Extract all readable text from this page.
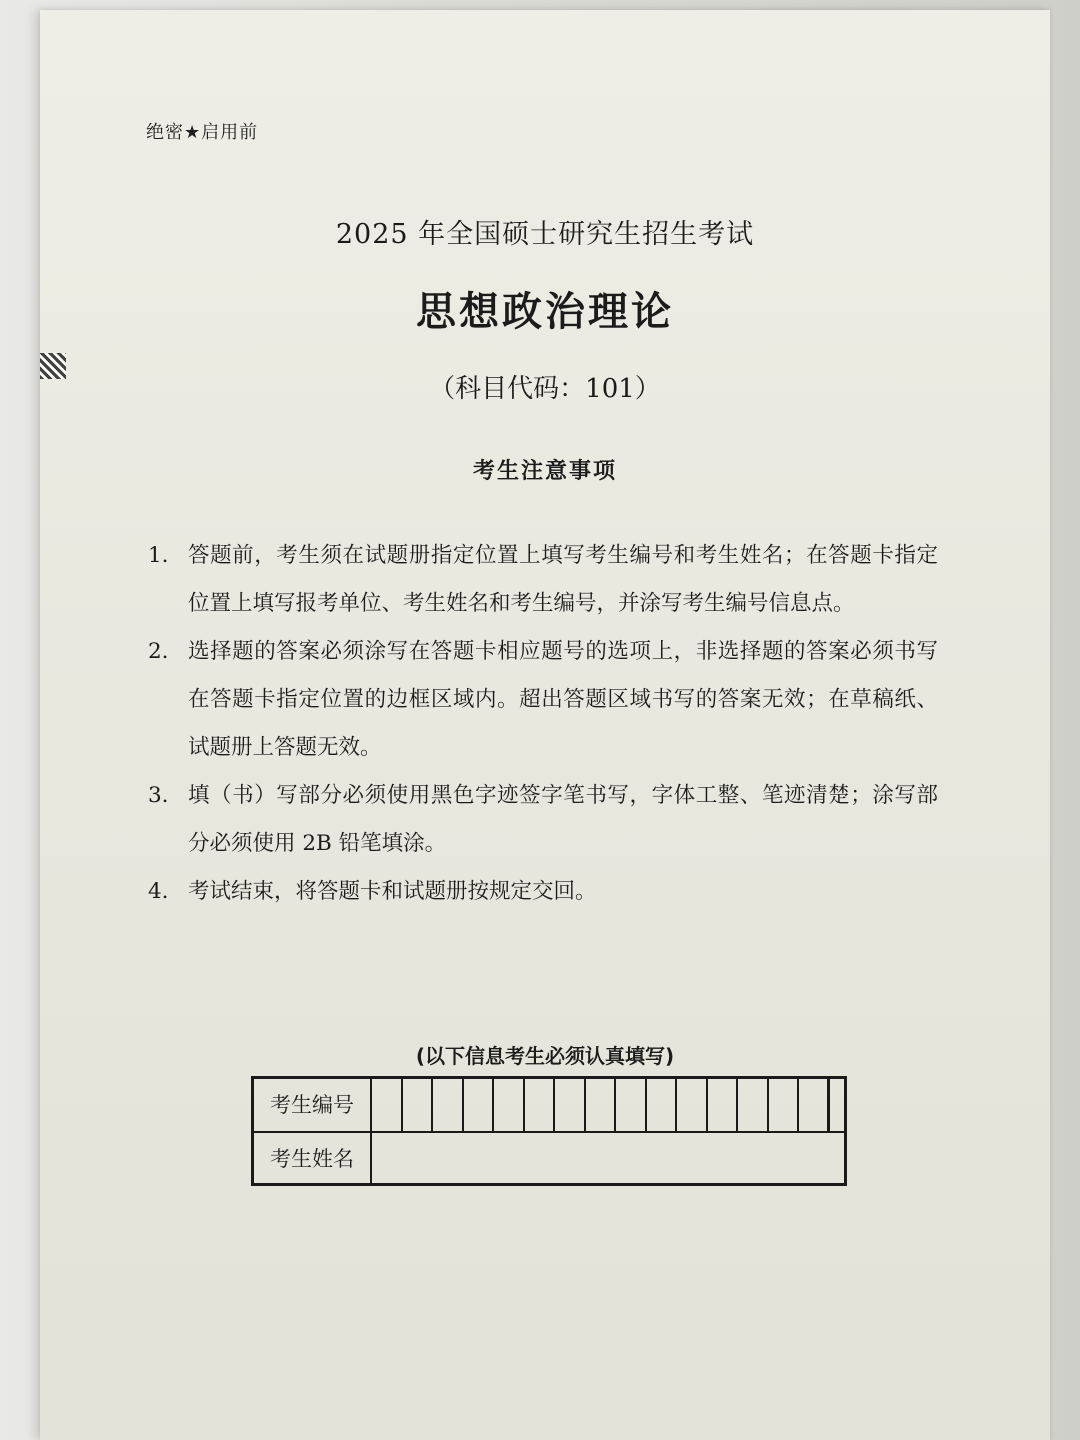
绝密★启用前
2025 年全国硕士研究生招生考试
思想政治理论
（科目代码：101）
考生注意事项
1. 答题前，考生须在试题册指定位置上填写考生编号和考生姓名；在答题卡指定位置上填写报考单位、考生姓名和考生编号，并涂写考生编号信息点。
2. 选择题的答案必须涂写在答题卡相应题号的选项上，非选择题的答案必须书写在答题卡指定位置的边框区域内。超出答题区域书写的答案无效；在草稿纸、试题册上答题无效。
3. 填（书）写部分必须使用黑色字迹签字笔书写，字体工整、笔迹清楚；涂写部分必须使用 2B 铅笔填涂。
4. 考试结束，将答题卡和试题册按规定交回。
(以下信息考生必须认真填写)
考生编号
考生姓名
